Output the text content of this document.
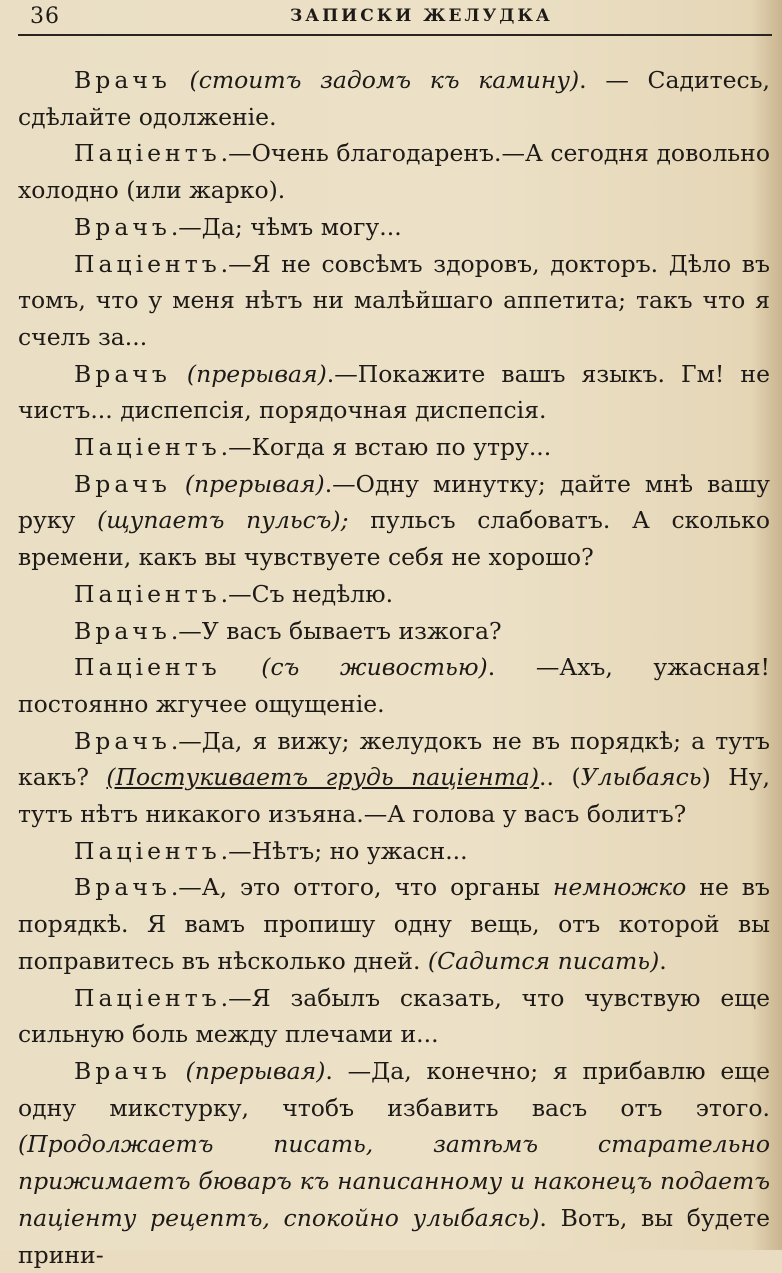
36	ЗАПИСКИ ЖЕЛУДКА

Врачъ (стоитъ задомъ къ камину). — Садитесь, сдѣлайте одолженіе.

Паціентъ.—Очень благодаренъ.—А сегодня довольно холодно (или жарко).

Врачъ.—Да; чѣмъ могу...

Паціентъ.—Я не совсѣмъ здоровъ, докторъ. Дѣло въ томъ, что у меня нѣтъ ни малѣйшаго аппетита; такъ что я счелъ за...

Врачъ (прерывая).—Покажите вашъ языкъ. Гм! не чистъ... диспепсія, порядочная диспепсія.

Паціентъ.—Когда я встаю по утру...

Врачъ (прерывая).—Одну минутку; дайте мнѣ вашу руку (щупаетъ пульсъ); пульсъ слабоватъ. А сколько времени, какъ вы чувствуете себя не хорошо?

Паціентъ.—Съ недѣлю.

Врачъ.—У васъ бываетъ изжога?

Паціентъ (съ живостью). —Ахъ, ужасная! постоянно жгучее ощущеніе.

Врачъ.—Да, я вижу; желудокъ не въ порядкѣ; а тутъ какъ? (Постукиваетъ грудь паціента).. (Улыбаясь) Ну, тутъ нѣтъ никакого изъяна.—А голова у васъ болитъ?

Паціентъ.—Нѣтъ; но ужасн...

Врачъ.—А, это оттого, что органы немножко не въ порядкѣ. Я вамъ пропишу одну вещь, отъ которой вы поправитесь въ нѣсколько дней. (Садится писать).

Паціентъ.—Я забылъ сказать, что чувствую еще сильную боль между плечами и...

Врачъ (прерывая). —Да, конечно; я прибавлю еще одну микстурку, чтобъ избавить васъ отъ этого. (Продолжаетъ писать, затѣмъ старательно прижимаетъ бювaръ къ написанному и наконецъ подаетъ паціенту рецептъ, спокойно улыбаясь). Вотъ, вы будете прини-
